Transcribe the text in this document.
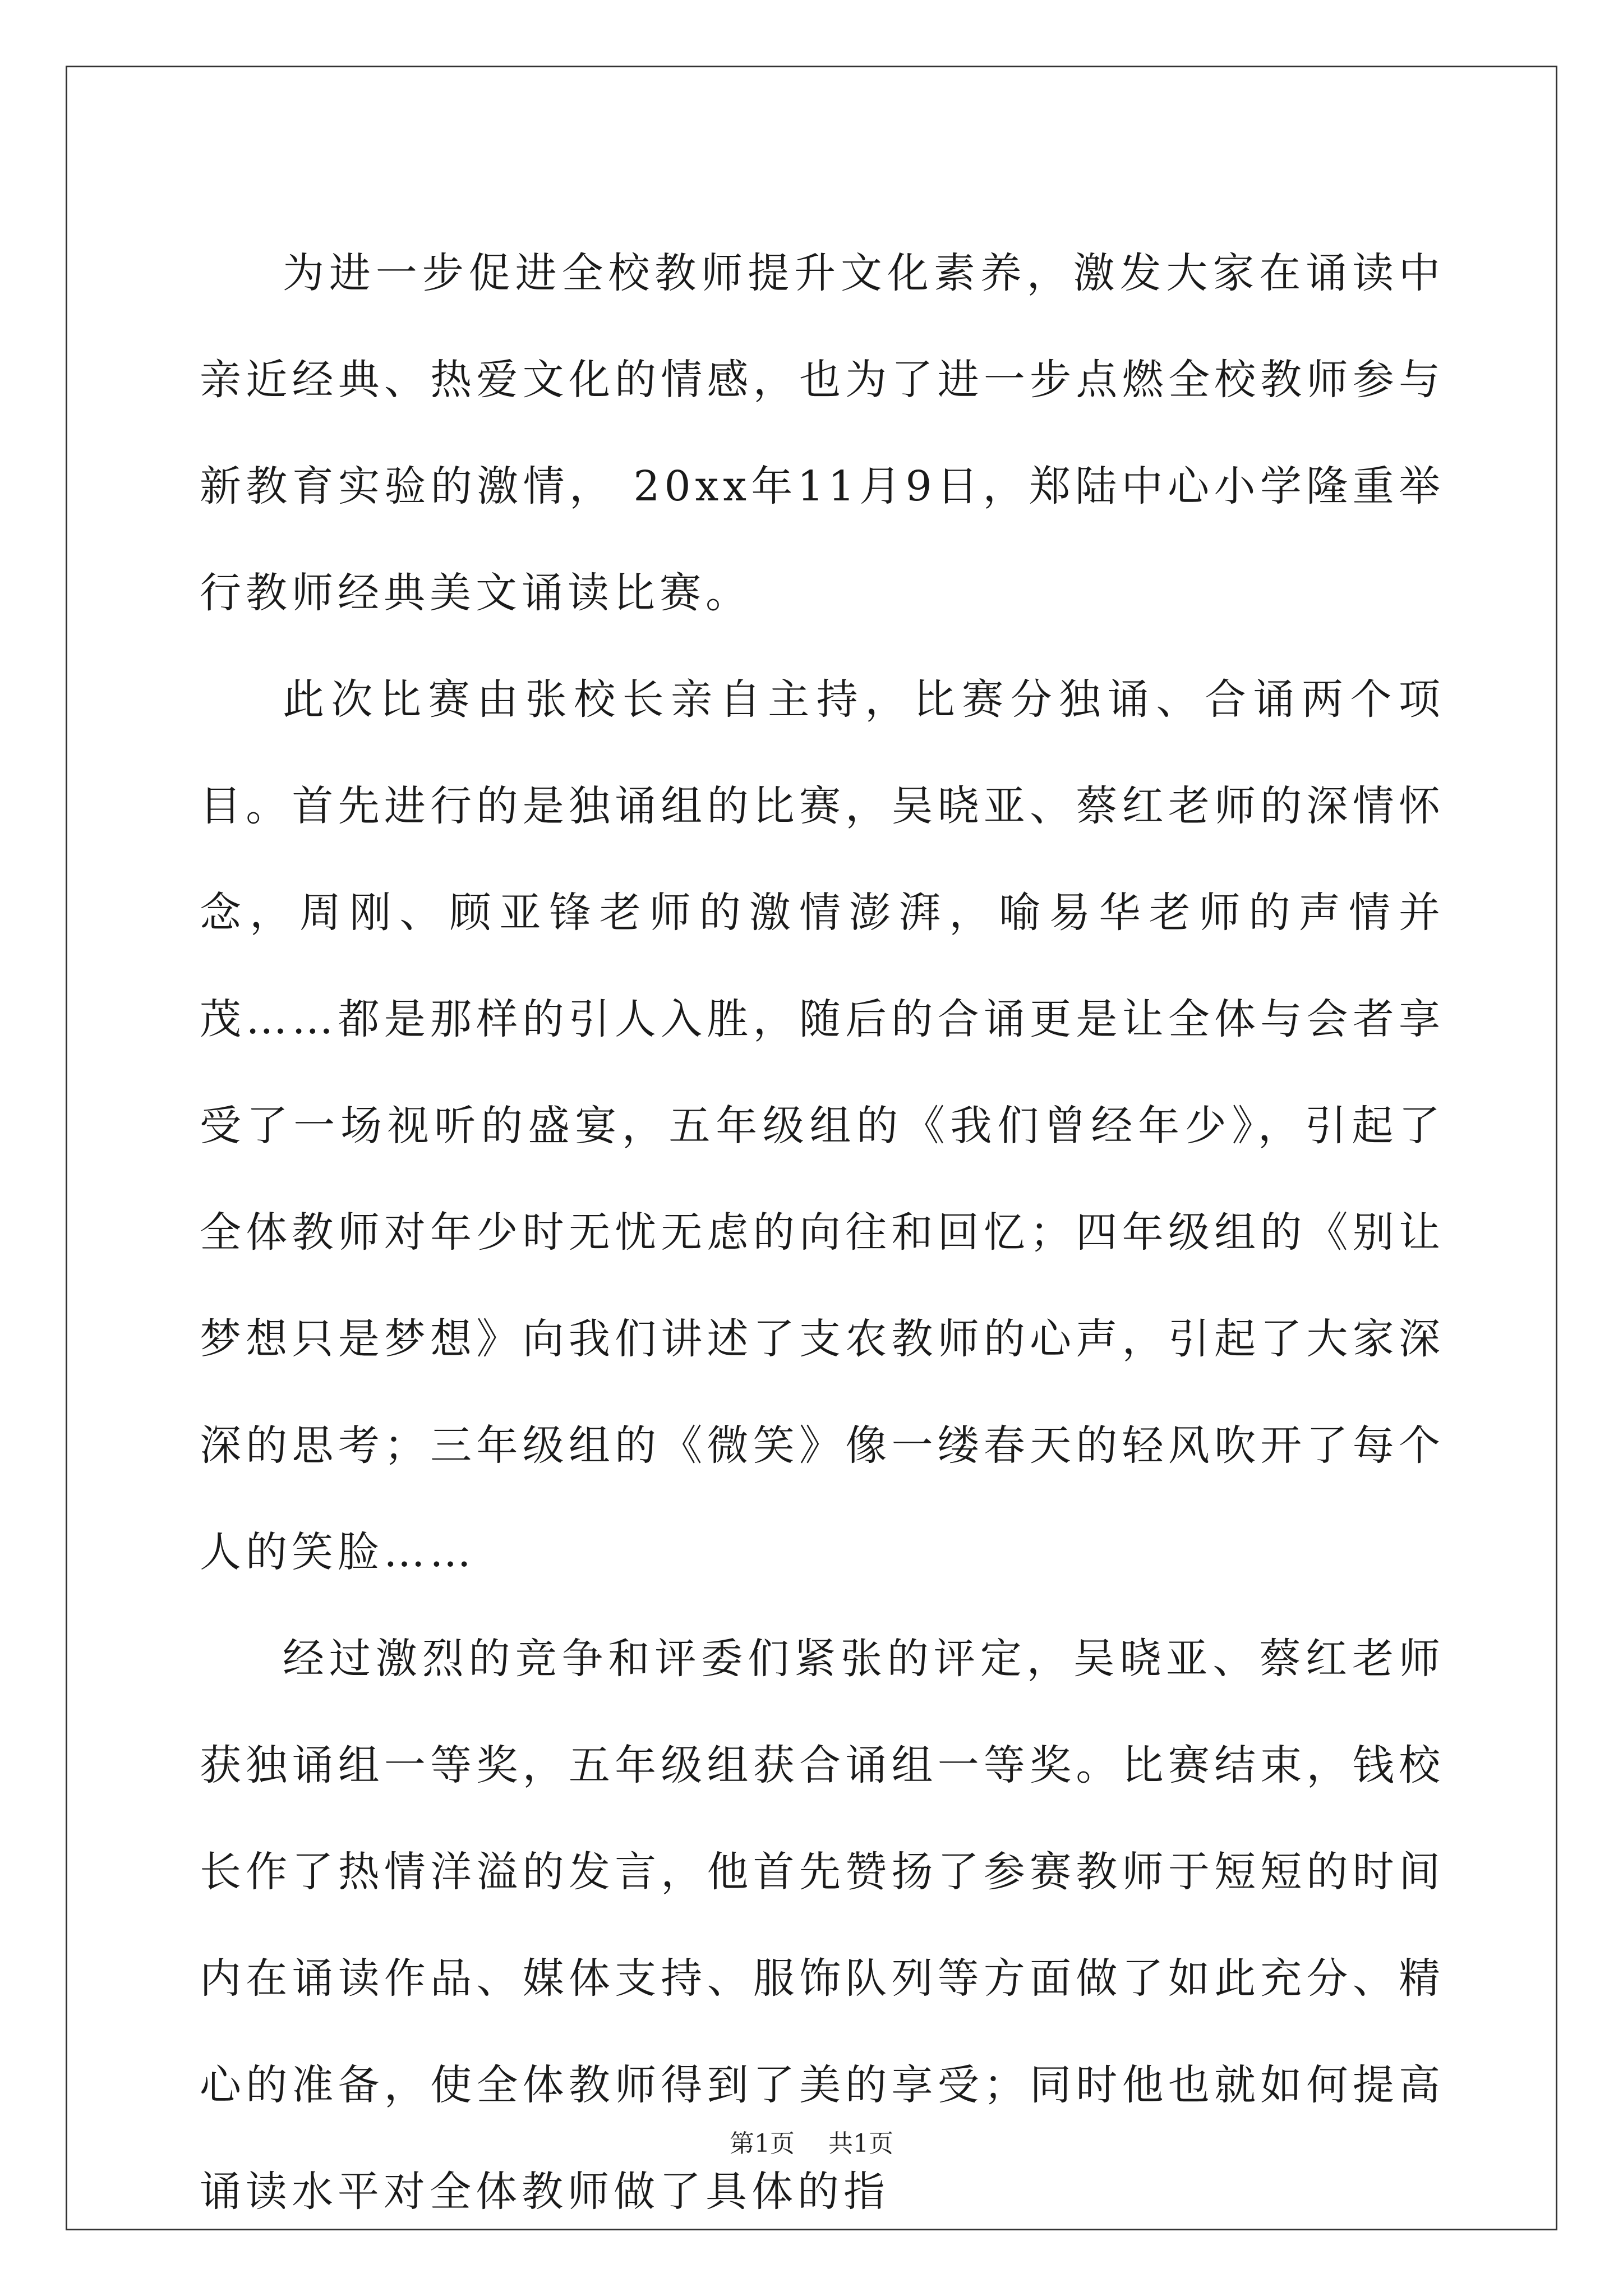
为进一步促进全校教师提升文化素养，激发大家在诵读中亲近经典、热爱文化的情感，也为了进一步点燃全校教师参与新教育实验的激情， 20xx年11月9日，郑陆中心小学隆重举行教师经典美文诵读比赛。

此次比赛由张校长亲自主持，比赛分独诵、合诵两个项目。首先进行的是独诵组的比赛，吴晓亚、蔡红老师的深情怀念，周刚、顾亚锋老师的激情澎湃，喻易华老师的声情并茂……都是那样的引人入胜，随后的合诵更是让全体与会者享受了一场视听的盛宴，五年级组的《我们曾经年少》，引起了全体教师对年少时无忧无虑的向往和回忆；四年级组的《别让梦想只是梦想》向我们讲述了支农教师的心声，引起了大家深深的思考；三年级组的《微笑》像一缕春天的轻风吹开了每个人的笑脸……

经过激烈的竞争和评委们紧张的评定，吴晓亚、蔡红老师获独诵组一等奖，五年级组获合诵组一等奖。比赛结束，钱校长作了热情洋溢的发言，他首先赞扬了参赛教师于短短的时间内在诵读作品、媒体支持、服饰队列等方面做了如此充分、精心的准备，使全体教师得到了美的享受；同时他也就如何提高诵读水平对全体教师做了具体的指

第1页 共1页
